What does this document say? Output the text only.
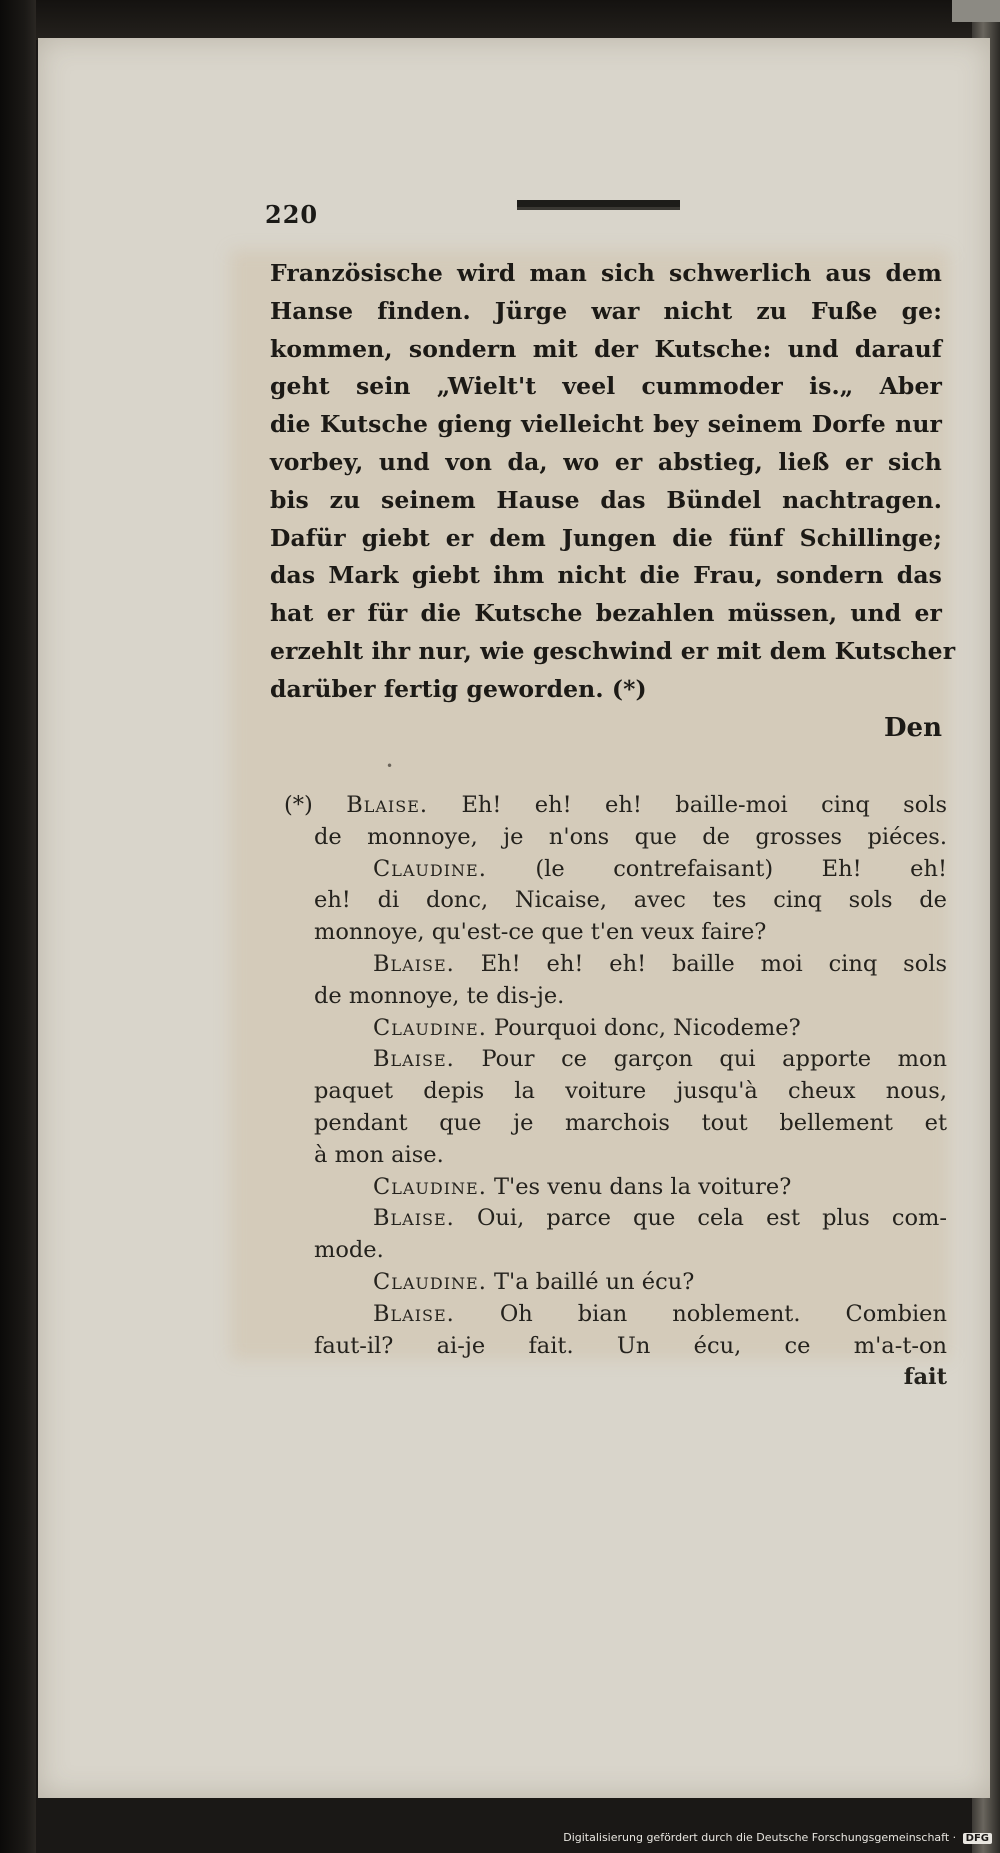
220
Französische wird man sich schwerlich aus dem
Hanse finden. Jürge war nicht zu Fuße ge:
kommen, sondern mit der Kutsche: und darauf
geht sein „Wielt't veel cummoder is.„ Aber
die Kutsche gieng vielleicht bey seinem Dorfe nur
vorbey, und von da, wo er abstieg, ließ er sich
bis zu seinem Hause das Bündel nachtragen.
Dafür giebt er dem Jungen die fünf Schillinge;
das Mark giebt ihm nicht die Frau, sondern das
hat er für die Kutsche bezahlen müssen, und er
erzehlt ihr nur, wie geschwind er mit dem Kutscher
darüber fertig geworden. (*)
Den
•
(*) Blaise. Eh! eh! eh! baille-moi cinq sols
de monnoye, je n'ons que de grosses piéces.
Claudine. (le contrefaisant) Eh! eh!
eh! di donc, Nicaise, avec tes cinq sols de
monnoye, qu'est-ce que t'en veux faire?
Blaise. Eh! eh! eh! baille moi cinq sols
de monnoye, te dis-je.
Claudine. Pourquoi donc, Nicodeme?
Blaise. Pour ce garçon qui apporte mon
paquet depis la voiture jusqu'à cheux nous,
pendant que je marchois tout bellement et
à mon aise.
Claudine. T'es venu dans la voiture?
Blaise. Oui, parce que cela est plus com-
mode.
Claudine. T'a baillé un écu?
Blaise. Oh bian noblement. Combien
faut-il? ai-je fait. Un écu, ce m'a-t-on
fait
Digitalisierung gefördert durch die Deutsche Forschungsgemeinschaft · DFG
